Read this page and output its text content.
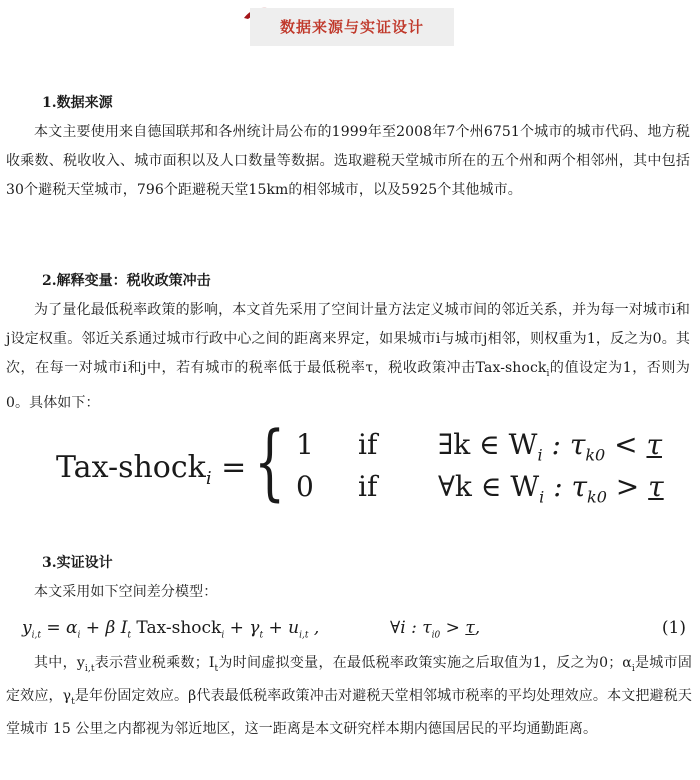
数据来源与实证设计

1.数据来源

本文主要使用来自德国联邦和各州统计局公布的1999年至2008年7个州6751个城市的城市代码、地方税收乘数、税收收入、城市面积以及人口数量等数据。选取避税天堂城市所在的五个州和两个相邻州，其中包括30个避税天堂城市，796个距避税天堂15km的相邻城市，以及5925个其他城市。

2.解释变量：税收政策冲击

为了量化最低税率政策的影响，本文首先采用了空间计量方法定义城市间的邻近关系，并为每一对城市i和j设定权重。邻近关系通过城市行政中心之间的距离来界定，如果城市i与城市j相邻，则权重为1，反之为0。其次，在每一对城市i和j中，若有城市的税率低于最低税率τ，税收政策冲击Tax-shock$_i$的值设定为1，否则为0。具体如下：

Tax-shock$_i$ = { 1 if ∃k ∈ $W_i$ : $\tau_{k0} < \tau$
0 if ∀k ∈ $W_i$ : $\tau_{k0} > \tau$

3.实证设计

本文采用如下空间差分模型：

$y_{i,t} = \alpha_i + \beta$ $I_t$ Tax-shock$_i$ + $\gamma_t + u_{i,t}$ ,	∀i : $\tau_{i0} > \tau$,	(1)

其中，$y_{i,t}$表示营业税乘数；$I_t$为时间虚拟变量，在最低税率政策实施之后取值为1，反之为0；$\alpha_i$是城市固定效应，$\gamma_t$是年份固定效应。β代表最低税率政策冲击对避税天堂相邻城市税率的平均处理效应。本文把避税天堂城市 15 公里之内都视为邻近地区，这一距离是本文研究样本期内德国居民的平均通勤距离。
